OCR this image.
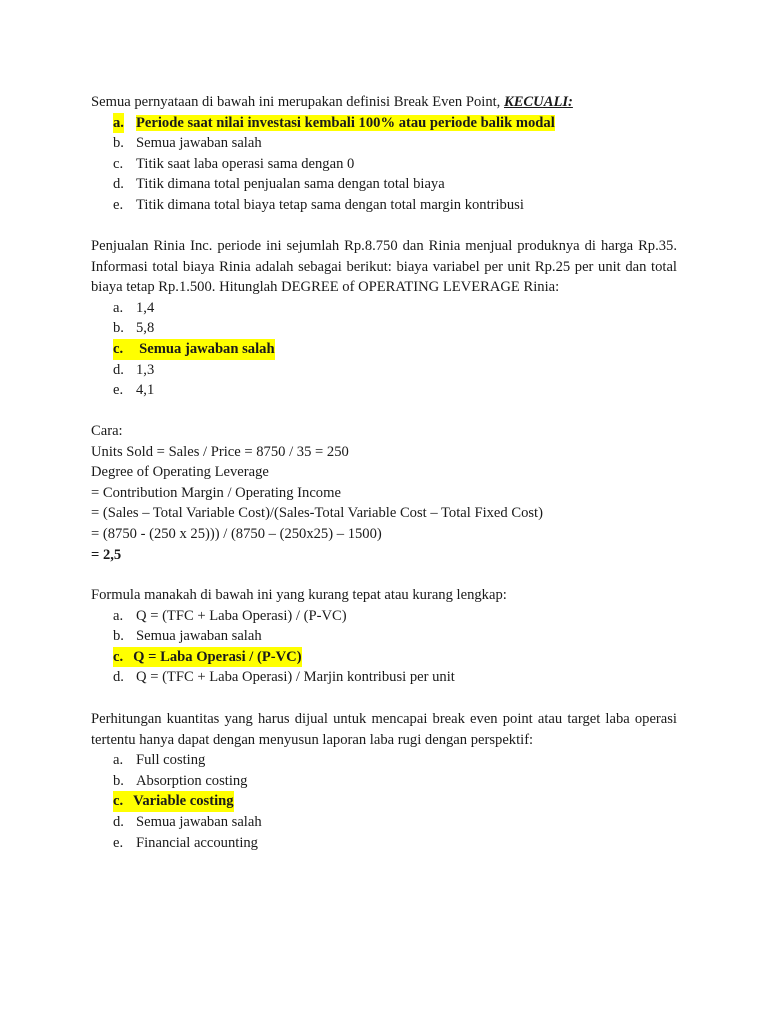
Semua pernyataan di bawah ini merupakan definisi Break Even Point, KECUALI:

a. Periode saat nilai investasi kembali 100% atau periode balik modal
b. Semua jawaban salah
c. Titik saat laba operasi sama dengan 0
d. Titik dimana total penjualan sama dengan total biaya
e. Titik dimana total biaya tetap sama dengan total margin kontribusi

Penjualan Rinia Inc. periode ini sejumlah Rp.8.750 dan Rinia menjual produknya di harga Rp.35. Informasi total biaya Rinia adalah sebagai berikut: biaya variabel per unit Rp.25 per unit dan total biaya tetap Rp.1.500. Hitunglah DEGREE of OPERATING LEVERAGE Rinia:

a. 1,4
b. 5,8
c. Semua jawaban salah

d. 1,3
e. 4,1
Cara:
Units Sold = Sales / Price = 8750 / 35 = 250
Degree of Operating Leverage
= Contribution Margin / Operating Income
= (Sales – Total Variable Cost)/(Sales-Total Variable Cost – Total Fixed Cost)
= (8750 - (250 x 25))) / (8750 – (250x25) – 1500)
= 2,5

Formula manakah di bawah ini yang kurang tepat atau kurang lengkap:

a. Q = (TFC + Laba Operasi) / (P-VC)
b. Semua jawaban salah
c. Q = Laba Operasi / (P-VC)

d. Q = (TFC + Laba Operasi) / Marjin kontribusi per unit

Perhitungan kuantitas yang harus dijual untuk mencapai break even point atau target laba operasi tertentu hanya dapat dengan menyusun laporan laba rugi dengan perspektif:

a. Full costing
b. Absorption costing
c. Variable costing

d. Semua jawaban salah
e. Financial accounting
